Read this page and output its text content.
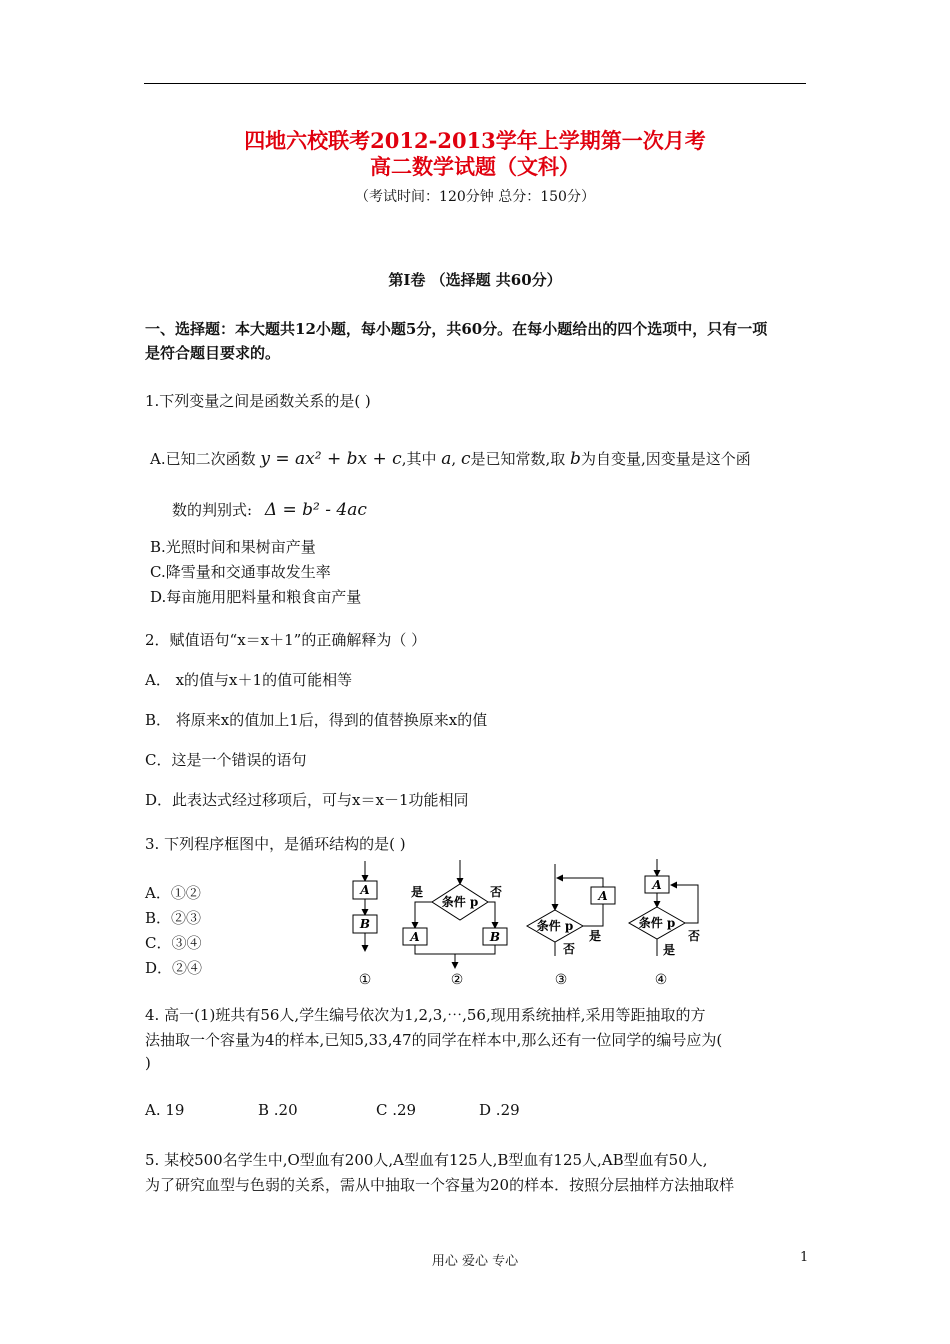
四地六校联考2012-2013学年上学期第一次月考
高二数学试题（文科）
（考试时间：120分钟 总分：150分）
第Ⅰ卷 （选择题 共60分）
一、选择题：本大题共12小题，每小题5分，共60分。在每小题给出的四个选项中，只有一项
是符合题目要求的。
1.下列变量之间是函数关系的是( )
A.已知二次函数 y = ax² + bx + c,其中 a, c是已知常数,取 b为自变量,因变量是这个函
数的判别式: Δ = b² - 4ac
B.光照时间和果树亩产量
C.降雪量和交通事故发生率
D.每亩施用肥料量和粮食亩产量
2．赋值语句“x＝x＋1”的正确解释为（ ）
A． x的值与x＋1的值可能相等
B． 将原来x的值加上1后，得到的值替换原来x的值
C．这是一个错误的语句
D．此表达式经过移项后，可与x＝x－1功能相同
3. 下列程序框图中，是循环结构的是( )
A．①②
B．②③
C．③④
D．②④
A
B
条件 p
是	否
A	B
条件 p
A
是
否
A
条件 p
否
是
①	②	③	④
4. 高一(1)班共有56人,学生编号依次为1,2,3,⋯,56,现用系统抽样,采用等距抽取的方
法抽取一个容量为4的样本,已知5,33,47的同学在样本中,那么还有一位同学的编号应为(
)
A. 19	B .20	C .29	D .29
5. 某校500名学生中,O型血有200人,A型血有125人,B型血有125人,AB型血有50人,
为了研究血型与色弱的关系，需从中抽取一个容量为20的样本．按照分层抽样方法抽取样
用心 爱心 专心	1
